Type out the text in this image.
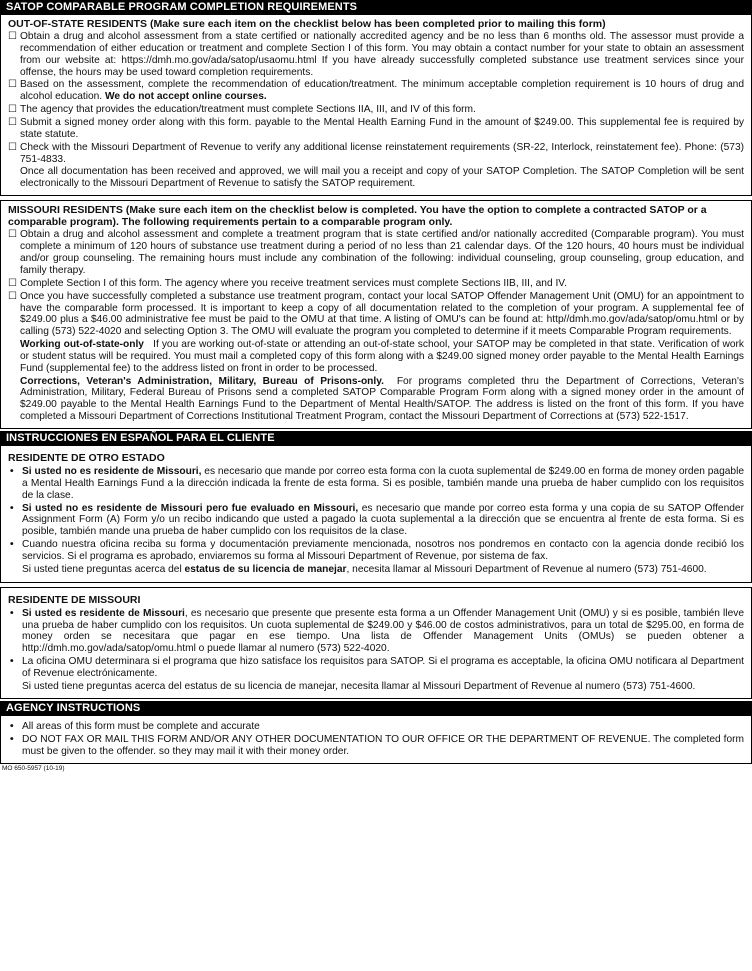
SATOP COMPARABLE PROGRAM COMPLETION REQUIREMENTS
OUT-OF-STATE RESIDENTS (Make sure each item on the checklist below has been completed prior to mailing this form)
☐ Obtain a drug and alcohol assessment from a state certified or nationally accredited agency and be no less than 6 months old. The assessor must provide a recommendation of either education or treatment and complete Section I of this form. You may obtain a contact number for your state to obtain an assessment from our website at: https://dmh.mo.gov/ada/satop/usaomu.html If you have already successfully completed substance use treatment services since your offense, the hours may be used toward completion requirements.
☐ Based on the assessment, complete the recommendation of education/treatment. The minimum acceptable completion requirement is 10 hours of drug and alcohol education. We do not accept online courses.
☐ The agency that provides the education/treatment must complete Sections IIA, III, and IV of this form.
☐ Submit a signed money order along with this form. payable to the Mental Health Earning Fund in the amount of $249.00. This supplemental fee is required by state statute.
☐ Check with the Missouri Department of Revenue to verify any additional license reinstatement requirements (SR-22, Interlock, reinstatement fee). Phone: (573) 751-4833.
Once all documentation has been received and approved, we will mail you a receipt and copy of your SATOP Completion. The SATOP Completion will be sent electronically to the Missouri Department of Revenue to satisfy the SATOP requirement.
MISSOURI RESIDENTS (Make sure each item on the checklist below is completed. You have the option to complete a contracted SATOP or a comparable program). The following requirements pertain to a comparable program only.
☐ Obtain a drug and alcohol assessment and complete a treatment program that is state certified and/or nationally accredited (Comparable program). You must complete a minimum of 120 hours of substance use treatment during a period of no less than 21 calendar days. Of the 120 hours, 40 hours must be individual and/or group counseling. The remaining hours must include any combination of the following: individual counseling, group counseling, group education, and family therapy.
☐ Complete Section I of this form. The agency where you receive treatment services must complete Sections IIB, III, and IV.
☐ Once you have successfully completed a substance use treatment program, contact your local SATOP Offender Management Unit (OMU) for an appointment to have the comparable form processed. It is important to keep a copy of all documentation related to the completion of your program. A supplemental fee of $249.00 plus a $46.00 administrative fee must be paid to the OMU at that time. A listing of OMU's can be found at: http//dmh.mo.gov/ada/satop/omu.html or by calling (573) 522-4020 and selecting Option 3. The OMU will evaluate the program you completed to determine if it meets Comparable Program requirements.
Working out-of-state-only If you are working out-of-state or attending an out-of-state school, your SATOP may be completed in that state. Verification of work or student status will be required. You must mail a completed copy of this form along with a $249.00 signed money order payable to the Mental Health Earnings Fund (supplemental fee) to the address listed on front in order to be processed.
Corrections, Veteran's Administration, Military, Bureau of Prisons-only. For programs completed thru the Department of Corrections, Veteran's Administration, Military, Federal Bureau of Prisons send a completed SATOP Comparable Program Form along with a signed money order in the amount of $249.00 payable to the Mental Health Earnings Fund to the Department of Mental Health/SATOP. The address is listed on the front of this form. If you have completed a Missouri Department of Corrections Institutional Treatment Program, contact the Missouri Department of Corrections at (573) 522-1517.
INSTRUCCIONES EN ESPAÑOL PARA EL CLIENTE
RESIDENTE DE OTRO ESTADO
• Si usted no es residente de Missouri, es necesario que mande por correo esta forma con la cuota suplemental de $249.00 en forma de money orden pagable a Mental Health Earnings Fund a la dirección indicada la frente de esta forma. Si es posible, también mande una prueba de haber cumplido con los requisitos de la clase.
• Si usted no es residente de Missouri pero fue evaluado en Missouri, es necesario que mande por correo esta forma y una copia de su SATOP Offender Assignment Form (A) Form y/o un recibo indicando que usted a pagado la cuota suplemental a la dirección que se encuentra al frente de esta forma. Si es posible, también mande una prueba de haber cumplido con los requisitos de la clase.
• Cuando nuestra oficina reciba su forma y documentación previamente mencionada, nosotros nos pondremos en contacto con la agencia donde recibió los servicios. Si el programa es aprobado, enviaremos su forma al Missouri Department of Revenue, por sistema de fax.
Si usted tiene preguntas acerca del estatus de su licencia de manejar, necesita llamar al Missouri Department of Revenue al numero (573) 751-4600.
RESIDENTE DE MISSOURI
• Si usted es residente de Missouri, es necesario que presente que presente esta forma a un Offender Management Unit (OMU) y si es posible, también lleve una prueba de haber cumplido con los requisitos. Un cuota suplemental de $249.00 y $46.00 de costos administrativos, para un total de $295.00, en forma de money orden se necesitara que pagar en ese tiempo. Una lista de Offender Management Units (OMUs) se pueden obtener a http://dmh.mo.gov/ada/satop/omu.html o puede llamar al numero (573) 522-4020.
• La oficina OMU determinara si el programa que hizo satisface los requisitos para SATOP. Si el programa es acceptable, la oficina OMU notificara al Department of Revenue electrónicamente.
Si usted tiene preguntas acerca del estatus de su licencia de manejar, necesita llamar al Missouri Department of Revenue al numero (573) 751-4600.
AGENCY INSTRUCTIONS
• All areas of this form must be complete and accurate
• DO NOT FAX OR MAIL THIS FORM AND/OR ANY OTHER DOCUMENTATION TO OUR OFFICE OR THE DEPARTMENT OF REVENUE. The completed form must be given to the offender. so they may mail it with their money order.
MO 650-5957 (10-19)
